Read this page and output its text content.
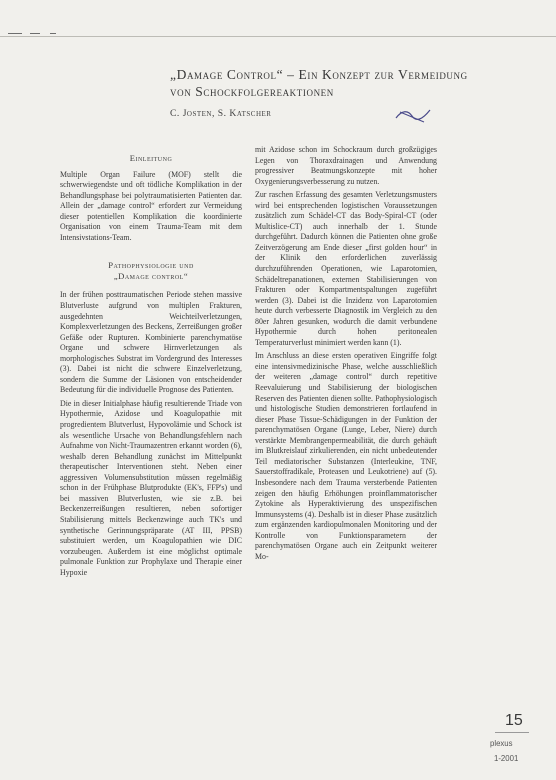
„Damage Control“ – Ein Konzept zur Vermeidung
von Schockfolgereaktionen
C. Josten, S. Katscher
Einleitung

Multiple Organ Failure (MOF) stellt die schwerwiegendste und oft tödliche Komplikation in der Behandlungsphase bei polytraumatisierten Patienten dar. Allein der „damage control“ erfordert zur Vermeidung dieser potentiellen Komplikation die koordinierte Organisation von einem Trauma-Team mit dem Intensivstations-Team.

Pathophysiologie und
„Damage control“

In der frühen posttraumatischen Periode stehen massive Blutverluste aufgrund von multiplen Frakturen, ausgedehnten Weichteilverletzungen, Komplexverletzungen des Beckens, Zerreißungen großer Gefäße oder Rupturen. Kombinierte parenchymatöse Organe und schwere Hirnverletzungen als morphologisches Substrat im Vordergrund des Interesses (3). Dabei ist nicht die schwere Einzelverletzung, sondern die Summe der Läsionen von entscheidender Bedeutung für die individuelle Prognose des Patienten.

Die in dieser Initialphase häufig resultierende Triade von Hypothermie, Azidose und Koagulopathie mit progredientem Blutverlust, Hypovolämie und Schock ist als wesentliche Ursache von Behandlungsfehlern nach Aufnahme von Nicht-Traumazentren erkannt worden (6), weshalb deren Behandlung zunächst im Mittelpunkt therapeutischer Interventionen steht. Neben einer aggressiven Volumensubstitution müssen regelmäßig schon in der Frühphase Blutprodukte (EK's, FFP's) und bei massiven Blutverlusten, wie sie z.B. bei Beckenzerreißungen resultieren, neben sofortiger Stabilisierung mittels Beckenzwinge auch TK's und synthetische Gerinnungspräparate (AT III, PPSB) substituiert werden, um Koagulopathien wie DIC vorzubeugen. Außerdem ist eine möglichst optimale pulmonale Funktion zur Prophylaxe und Therapie einer Hypoxie

mit Azidose schon im Schockraum durch großzügiges Legen von Thoraxdrainagen und Anwendung progressiver Beatmungskonzepte mit hoher Oxygenierungsverbesserung zu nutzen.

Zur raschen Erfassung des gesamten Verletzungsmusters wird bei entsprechenden logistischen Voraussetzungen zusätzlich zum Schädel-CT das Body-Spiral-CT (oder Multislice-CT) auch innerhalb der 1. Stunde durchgeführt. Dadurch können die Patienten ohne große Zeitverzögerung am Ende dieser „first golden hour“ in der Klinik den erforderlichen zuverlässig durchzuführenden Operationen, wie Laparotomien, Schädeltrepanationen, externen Stabilisierungen von Frakturen oder Kompartmentspaltungen zugeführt werden (3). Dabei ist die Inzidenz von Laparotomien heute durch verbesserte Diagnostik im Vergleich zu den 80er Jahren gesunken, wodurch die damit verbundene Hypothermie durch hohen peritonealen Temperaturverlust minimiert werden kann (1).

Im Anschluss an diese ersten operativen Eingriffe folgt eine intensivmedizinische Phase, welche ausschließlich der weiteren „damage control“ durch repetitive Reevaluierung und Stabilisierung der biologischen Reserven des Patienten dienen sollte. Pathophysiologisch und histologische Studien demonstrieren fortlaufend in dieser Phase Tissue-Schädigungen in der Funktion der parenchymatösen Organe (Lunge, Leber, Niere) durch verstärkte Membrangenpermeabilität, die durch gehäuft im Blutkreislauf zirkulierenden, ein nicht unbedeutender Teil mediatorischer Substanzen (Interleukine, TNF, Sauerstoffradikale, Proteasen und Leukotriene) auf (5). Insbesondere nach dem Trauma versterbende Patienten zeigen den häufig Erhöhungen proinflammatorischer Zytokine als Hyperaktivierung des unspezifischen Immunsystems (4). Deshalb ist in dieser Phase zusätzlich zum ergänzenden kardiopulmonalen Monitoring und der Kontrolle von Funktionsparametern der parenchymatösen Organe auch ein Zeitpunkt weiterer Mo-

15
plexus
1-2001
